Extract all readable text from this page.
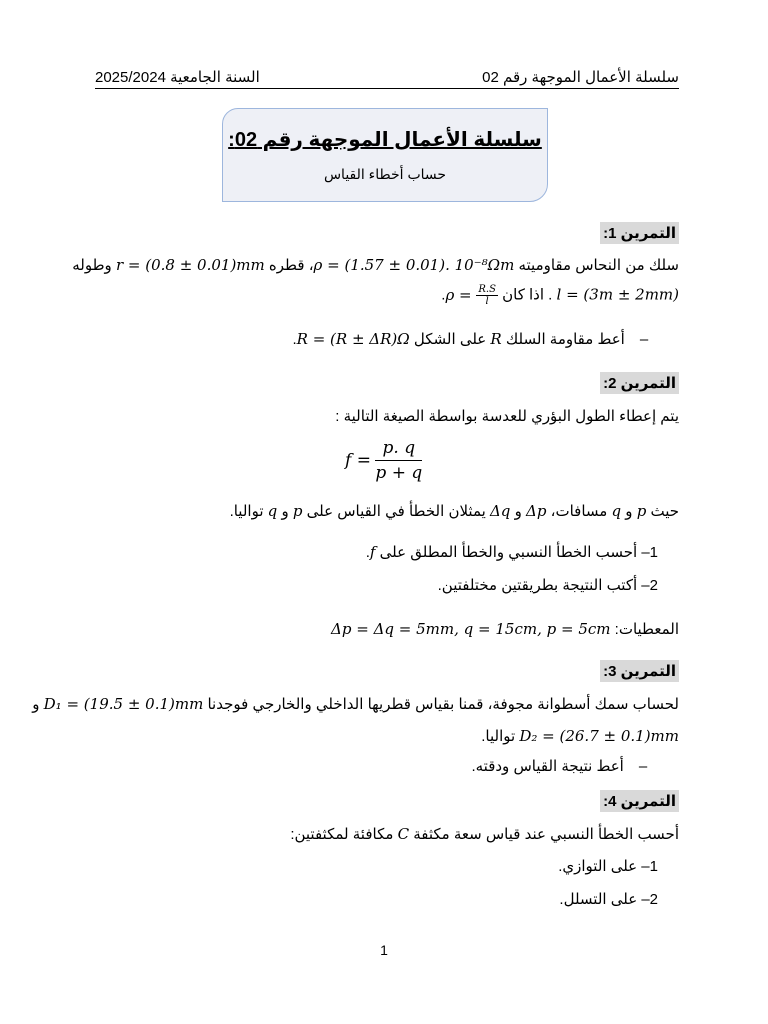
سلسلة الأعمال الموجهة رقم 02
السنة الجامعية 2025/2024
سلسلة الأعمال الموجهة رقم 02:
حساب أخطاء القياس
التمرين 1:
سلك من النحاس مقاوميته ρ = (1.57 ± 0.01). 10⁻⁸Ωm، قطره r = (0.8 ± 0.01)mm وطوله
l = (3m ± 2mm) . اذا كان $\rho = \frac{R.S}{l}$
.
– أعط مقاومة السلك R على الشكل R = (R ± ΔR)Ω.
التمرين 2:
يتم إعطاء الطول البؤري للعدسة بواسطة الصيغة التالية :
$f = \frac{p. q}{p + q}$
حيث p و q مسافات، Δp و Δq يمثلان الخطأ في القياس على p و q تواليا.
1– أحسب الخطأ النسبي والخطأ المطلق على f.
2– أكتب النتيجة بطريقتين مختلفتين.
المعطيات: Δp = Δq = 5mm, q = 15cm, p = 5cm
التمرين 3:
لحساب سمك أسطوانة مجوفة، قمنا بقياس قطريها الداخلي والخارجي فوجدنا D₁ = (19.5 ± 0.1)mm و
D₂ = (26.7 ± 0.1)mm تواليا.
– أعط نتيجة القياس ودقته.
التمرين 4:
أحسب الخطأ النسبي عند قياس سعة مكثفة C مكافئة لمكثفتين:
1– على التوازي.
2– على التسلل.
1
